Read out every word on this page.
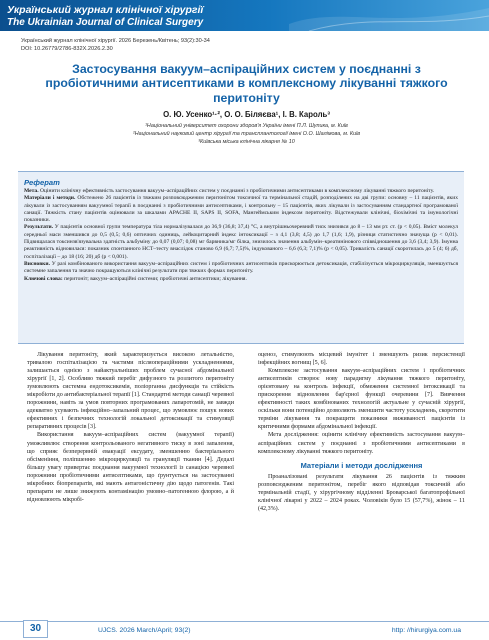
Український журнал клінічної хірургії
The Ukrainian Journal of Clinical Surgery
Український журнал клінічної хірургії. 2026 Березень/Квітень; 93(2):30-34
DOI: 10.26779/2786-832X.2026.2.30
Застосування вакуум–аспіраційних систем у поєднанні з пробіотичними антисептиками в комплексному лікуванні тяжкого перитоніту
О. Ю. Усенко¹·², О. О. Біляєва¹, І. В. Кароль³
¹Національний університет охорони здоров'я України імені П.Л. Шупика, м. Київ
²Національний науковий центр хірургії та трансплантології імені О.О. Шалімова, м. Київ
³Київська міська клінічна лікарня № 10
Реферат

Мета. Оцінити клінічну ефективність застосування вакуум–аспіраційних систем у поєднанні з пробіотичними антисептиками в комплексному лікуванні тяжкого перитоніту.

Матеріали і методи. Обстежено 26 пацієнтів із тяжким розповсюдженим перитонітом токсичної та термінальної стадій, розподілених на дві групи: основну – 11 пацієнтів, яких лікували із застосуванням вакуумної терапії в поєднанні з пробіотичними антисептиками, і контрольну – 15 пацієнтів, яких лікували із застосуванням стандартної програмованої санації. Тяжкість стану пацієнтів оцінювали за шкалами APACHE II, SAPS II, SOFA, Мангеймським індексом перитоніту. Відстежували клінічні, біохімічні та імунологічні показники.

Результати. У пацієнтів основної групи температура тіла нормалізувалася до 36,9 (36,8; 37,4) °С, а внутрішньочеревний тиск знизився до 8 – 13 мм рт. ст. (p < 0,05). Вміст молекул середньої маси зменшився до 0,5 (0,5; 0,6) оптичних одиниць, лейкоцитарний індекс інтоксикації – з 4,1 (3,8; 4,5) до 1,7 (1,6; 1,9), різниця статистично значуща (p < 0,01). Підвищалася токсинзв'язувальна здатність альбуміну до 0,07 (0,07; 0,08) мг барвника/мг білка, знизилось значення альбумін–креатинінового співвідношення до 3,6 (3,4; 3,9). Імунна реактивність відновилася: показник спонтанного НСТ–тесту внаслідок станово 6,9 (6,7; 7,5)%, індукованого – 6,6 (6,3; 7,1)% (p < 0,05). Тривалість санації скоротилась до 5 (4; 6) дб, госпіталізації – до 18 (16; 20) дб (p < 0,001).

Висновки. У разі комбінованого використання вакуум–аспіраційних систем і пробіотичних антисептиків прискорюється детоксикація, стабілізується мікроциркуляція, зменшується системне запалення та значно покращуються клінічні результати при тяжких формах перитоніту.

Ключові слова: перитоніт; вакуум–аспіраційні системи; пробіотичні антисептики; лікування.

Лікування перитоніту, який характеризується високою летальністю, тривалою госпіталізацією та частими післяопераційними ускладненнями, залишається однією з найактуальніших проблем сучасної абдомінальної хірургії [1, 2]. Особливо тяжкий перебіг дифузного та розлитого перитоніту зумовлюють системна ендотоксикемія, поліорганна дисфункція та стійкість мікробіоти до антибактеріальної терапії [1]. Стандартні методи санації черевної порожнини, навіть за умов повторних програмованих лапаротомій, не завжди адекватно усувають інфекційно–запальний процес, що зумовлює пошук нових ефективних і безпечних технологій локальної детоксикації та стимуляції репаративних процесів [3].

Використання вакуум–аспіраційних систем (вакуумної терапії) уможливлює створення контрольованого негативного тиску в зоні запалення, що сприяє безперервній евакуації ексудату, зменшенню бактеріального обсіменіння, поліпшенню мікроциркуляції та грануляції тканин [4]. Дедалі більшу увагу привертає поєднання вакуумної технології із санацією черевної порожнини пробіотичними антисептиками, що ґрунтується на застосуванні мікробних біопрепаратів, які мають антагоністичну дію щодо патогенів. Такі препарати не лише знижують контамінацію умовно–патогенною флорою, а й відновлюють мікробі-

оценоз, стимулюють місцевий імунітет і зменшують ризик персистенції інфекційних вогнищ [5, 6].

Комплексне застосування вакуум–аспіраційних систем і пробіотичних антисептиків створює нову парадигму лікування тяжкого перитоніту, орієнтовану на контроль інфекції, обмеження системної інтоксикації та прискорення відновлення бар'єрної функції очеревини [7]. Вивчення ефективності таких комбінованих технологій актуальне у сучасній хірургії, оскільки вони потенційно дозволяють зменшити частоту ускладнень, скоротити терміни лікування та покращити показники виживаності пацієнтів із критичними формами абдомінальної інфекції.

Мета дослідження: оцінити клінічну ефективність застосування вакуум–аспіраційних систем у поєднанні з пробіотичними антисептиками в комплексному лікуванні тяжкого перитоніту.

Матеріали і методи дослідження

Проаналізовані результати лікування 26 пацієнтів із тяжким розповсюдженим перитонітом, перебіг якого відповідав токсичній або термінальній стадії, у хірургічному відділенні Броварської багатопрофільної клінічної лікарні у 2022 – 2024 роках. Чоловіків було 15 (57,7%), жінок – 11 (42,3%).

30	UJCS. 2026 March/April; 93(2)	http: //hirurgiya.com.ua
